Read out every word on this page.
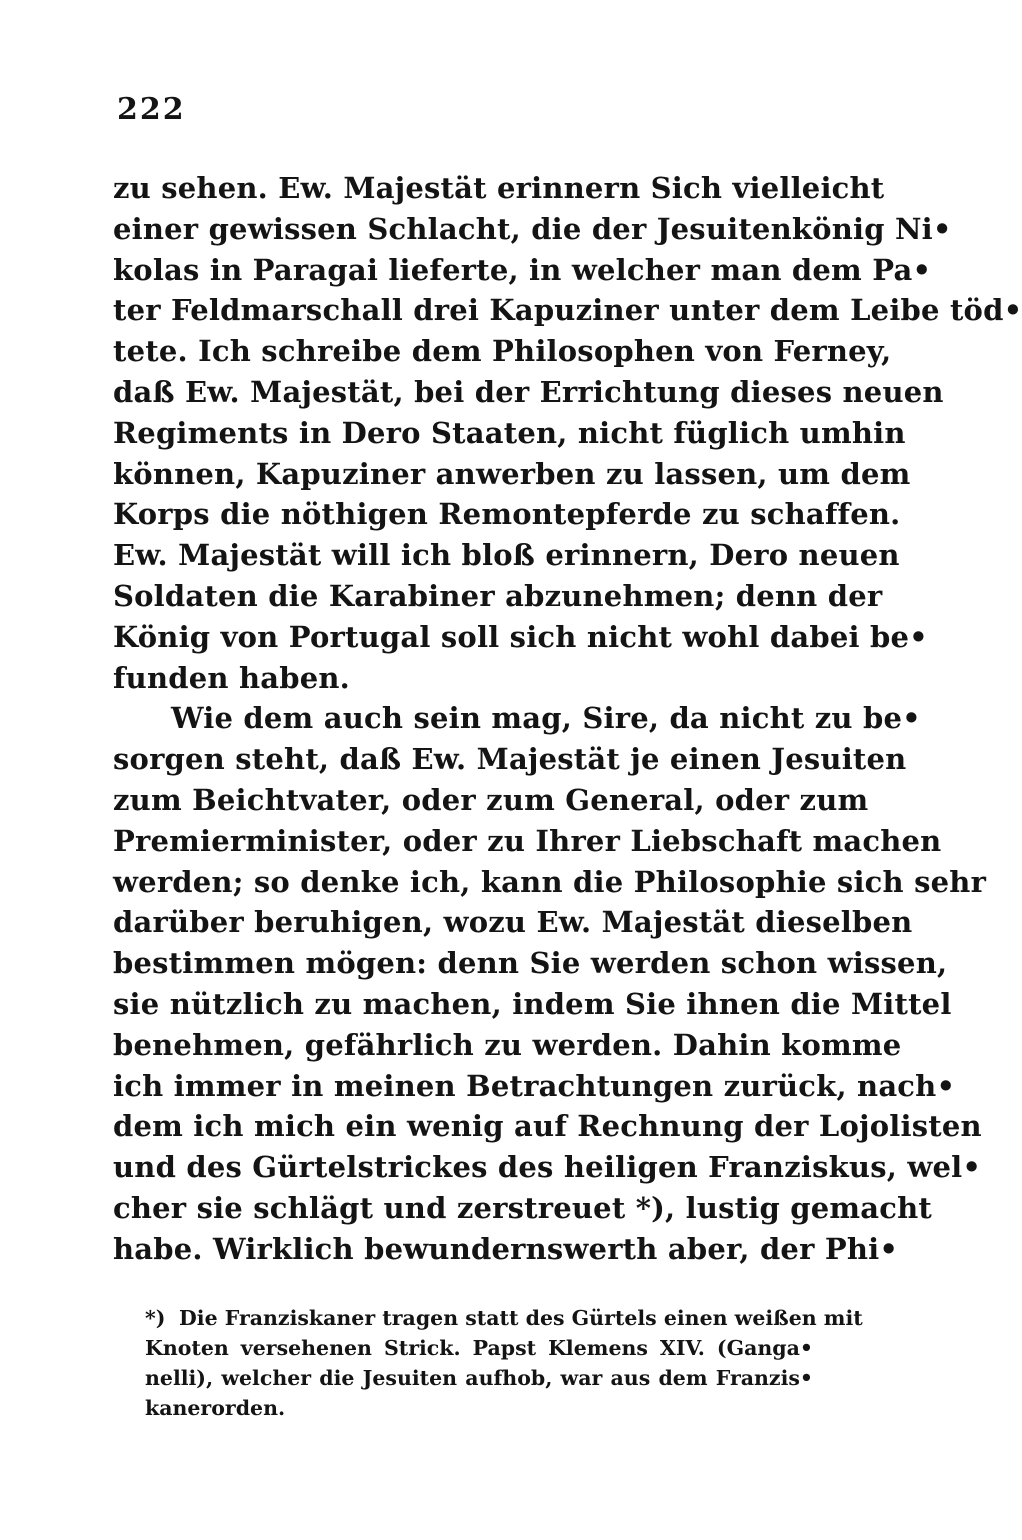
222
zu sehen. Ew. Majestät erinnern Sich vielleicht
einer gewissen Schlacht, die der Jesuitenkönig Ni•
kolas in Paragai lieferte, in welcher man dem Pa•
ter Feldmarschall drei Kapuziner unter dem Leibe töd•
tete. Ich schreibe dem Philosophen von Ferney,
daß Ew. Majestät, bei der Errichtung dieses neuen
Regiments in Dero Staaten, nicht füglich umhin
können, Kapuziner anwerben zu lassen, um dem
Korps die nöthigen Remontepferde zu schaffen.
Ew. Majestät will ich bloß erinnern, Dero neuen
Soldaten die Karabiner abzunehmen; denn der
König von Portugal soll sich nicht wohl dabei be•
funden haben.
Wie dem auch sein mag, Sire, da nicht zu be•
sorgen steht, daß Ew. Majestät je einen Jesuiten
zum Beichtvater, oder zum General, oder zum
Premierminister, oder zu Ihrer Liebschaft machen
werden; so denke ich, kann die Philosophie sich sehr
darüber beruhigen, wozu Ew. Majestät dieselben
bestimmen mögen: denn Sie werden schon wissen,
sie nützlich zu machen, indem Sie ihnen die Mittel
benehmen, gefährlich zu werden. Dahin komme
ich immer in meinen Betrachtungen zurück, nach•
dem ich mich ein wenig auf Rechnung der Lojolisten
und des Gürtelstrickes des heiligen Franziskus, wel•
cher sie schlägt und zerstreuet *), lustig gemacht
habe. Wirklich bewundernswerth aber, der Phi•
*) Die Franziskaner tragen statt des Gürtels einen weißen mit
Knoten versehenen Strick. Papst Klemens XIV. (Ganga•
nelli), welcher die Jesuiten aufhob, war aus dem Franzis•
kanerorden.
